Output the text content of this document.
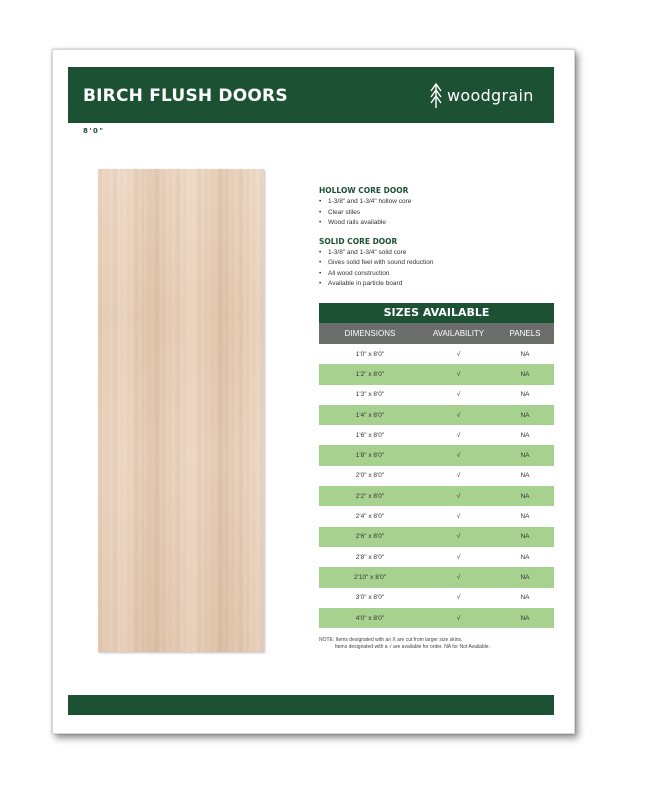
BIRCH FLUSH DOORS	woodgrain
8'0"
HOLLOW CORE DOOR
• 1-3/8" and 1-3/4" hollow core
• Clear stiles
• Wood rails available
SOLID CORE DOOR
• 1-3/8" and 1-3/4" solid core
• Gives solid feel with sound reduction
• All wood construction
• Available in particle board
SIZES AVAILABLE
DIMENSIONS	AVAILABILITY	PANELS
1'0" x 8'0"	√	NA
1'2" x 8'0"	√	NA
1'3" x 8'0"	√	NA
1'4" x 8'0"	√	NA
1'6" x 8'0"	√	NA
1'8" x 8'0"	√	NA
2'0" x 8'0"	√	NA
2'2" x 8'0"	√	NA
2'4" x 8'0"	√	NA
2'6" x 8'0"	√	NA
2'8" x 8'0"	√	NA
2'10" x 8'0"	√	NA
3'0" x 8'0"	√	NA
4'0" x 8'0"	√	NA
NOTE: Items designated with an X are cut from larger size skins.
Items designated with a √ are available for order. NA for Not Available.
